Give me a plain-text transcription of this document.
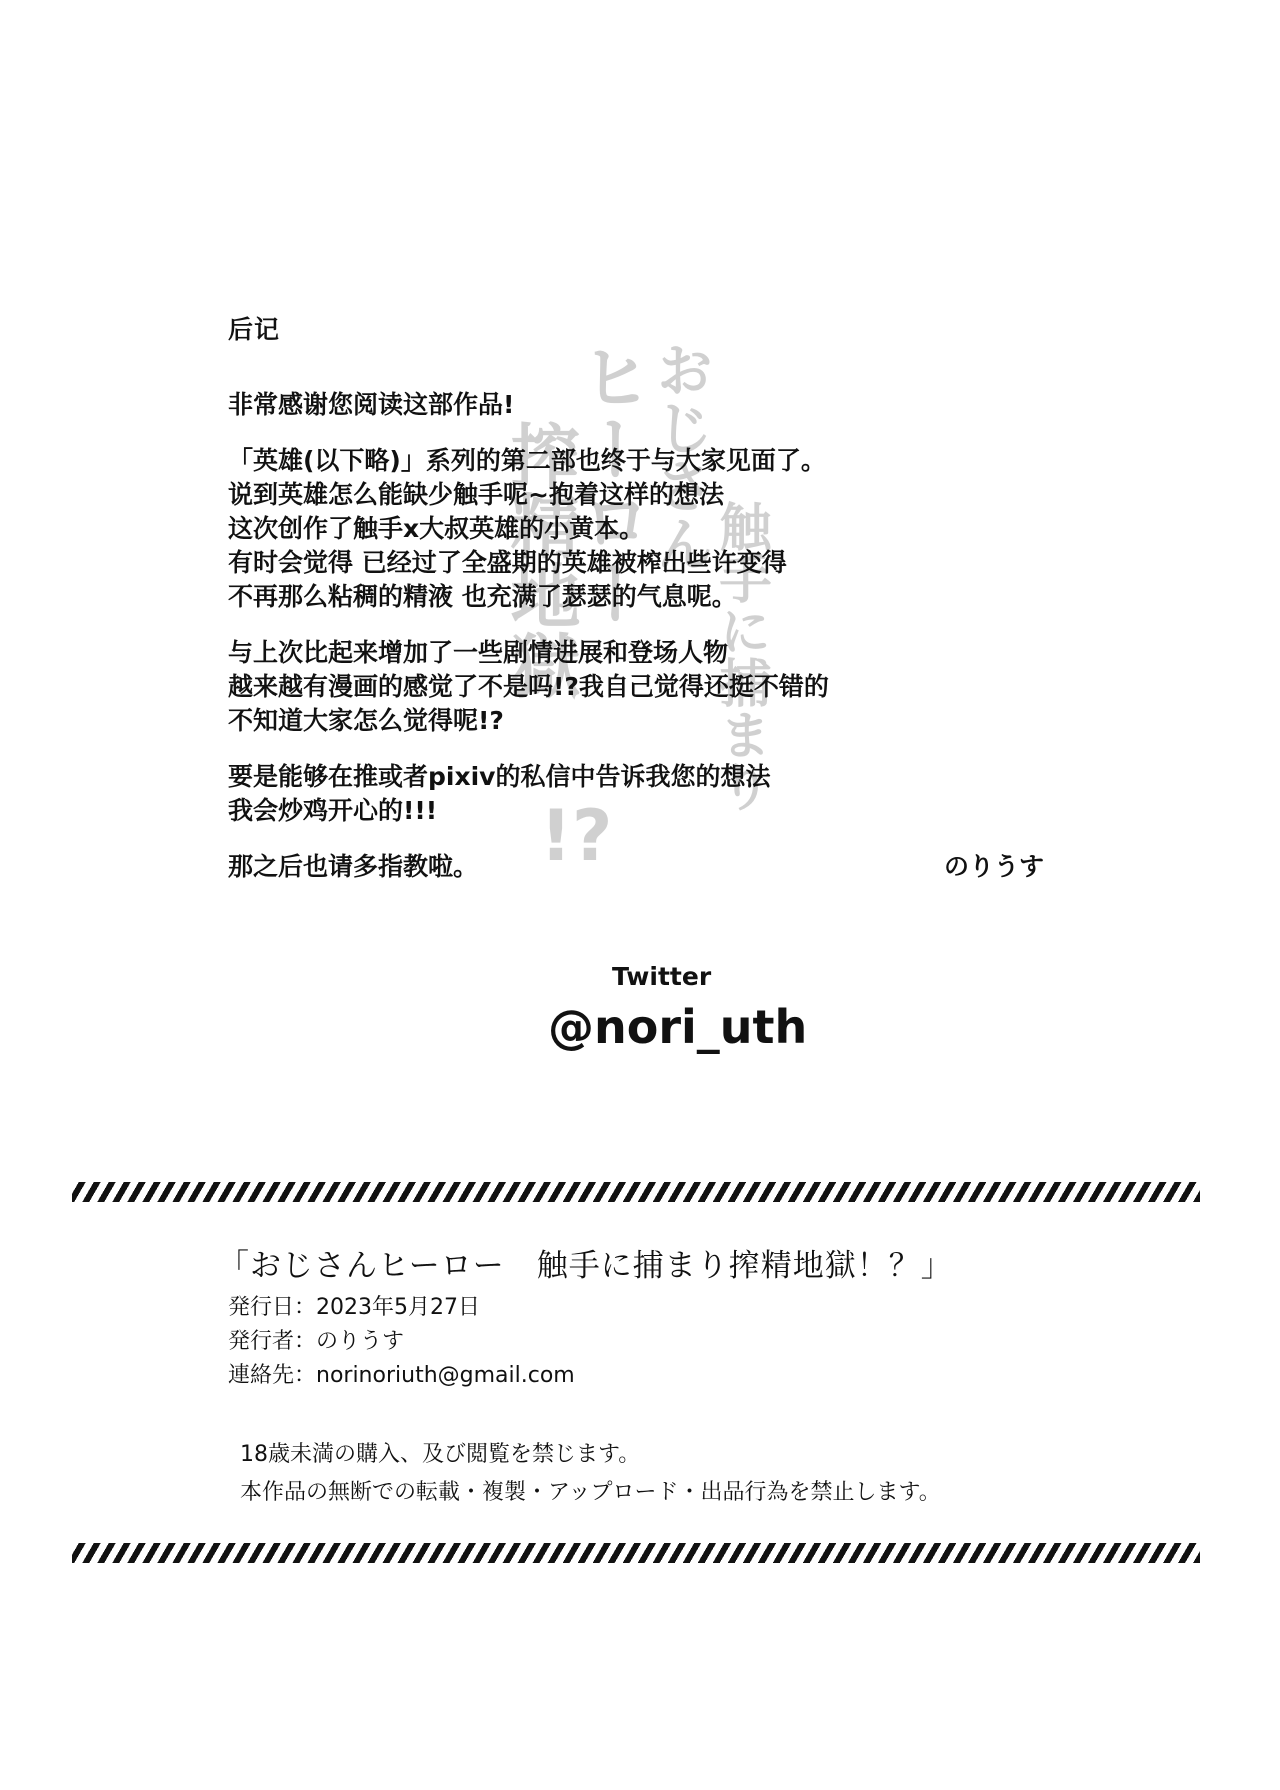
おじさん
ヒーロー
触手に捕まり
搾精地獄
!?
后记
非常感谢您阅读这部作品!
「英雄(以下略)」系列的第二部也终于与大家见面了。
说到英雄怎么能缺少触手呢~抱着这样的想法
这次创作了触手x大叔英雄的小黄本。
有时会觉得 已经过了全盛期的英雄被榨出些许变得
不再那么粘稠的精液 也充满了瑟瑟的气息呢。
与上次比起来增加了一些剧情进展和登场人物
越来越有漫画的感觉了不是吗!?我自己觉得还挺不错的
不知道大家怎么觉得呢!?
要是能够在推或者pixiv的私信中告诉我您的想法
我会炒鸡开心的!!!
那之后也请多指教啦。	のりうす
Twitter
@nori_uth
「おじさんヒーロー　触手に捕まり搾精地獄！？」
発行日：2023年5月27日
発行者：のりうす
連絡先：norinoriuth@gmail.com
18歳未満の購入、及び閲覧を禁じます。
本作品の無断での転載・複製・アップロード・出品行為を禁止します。
